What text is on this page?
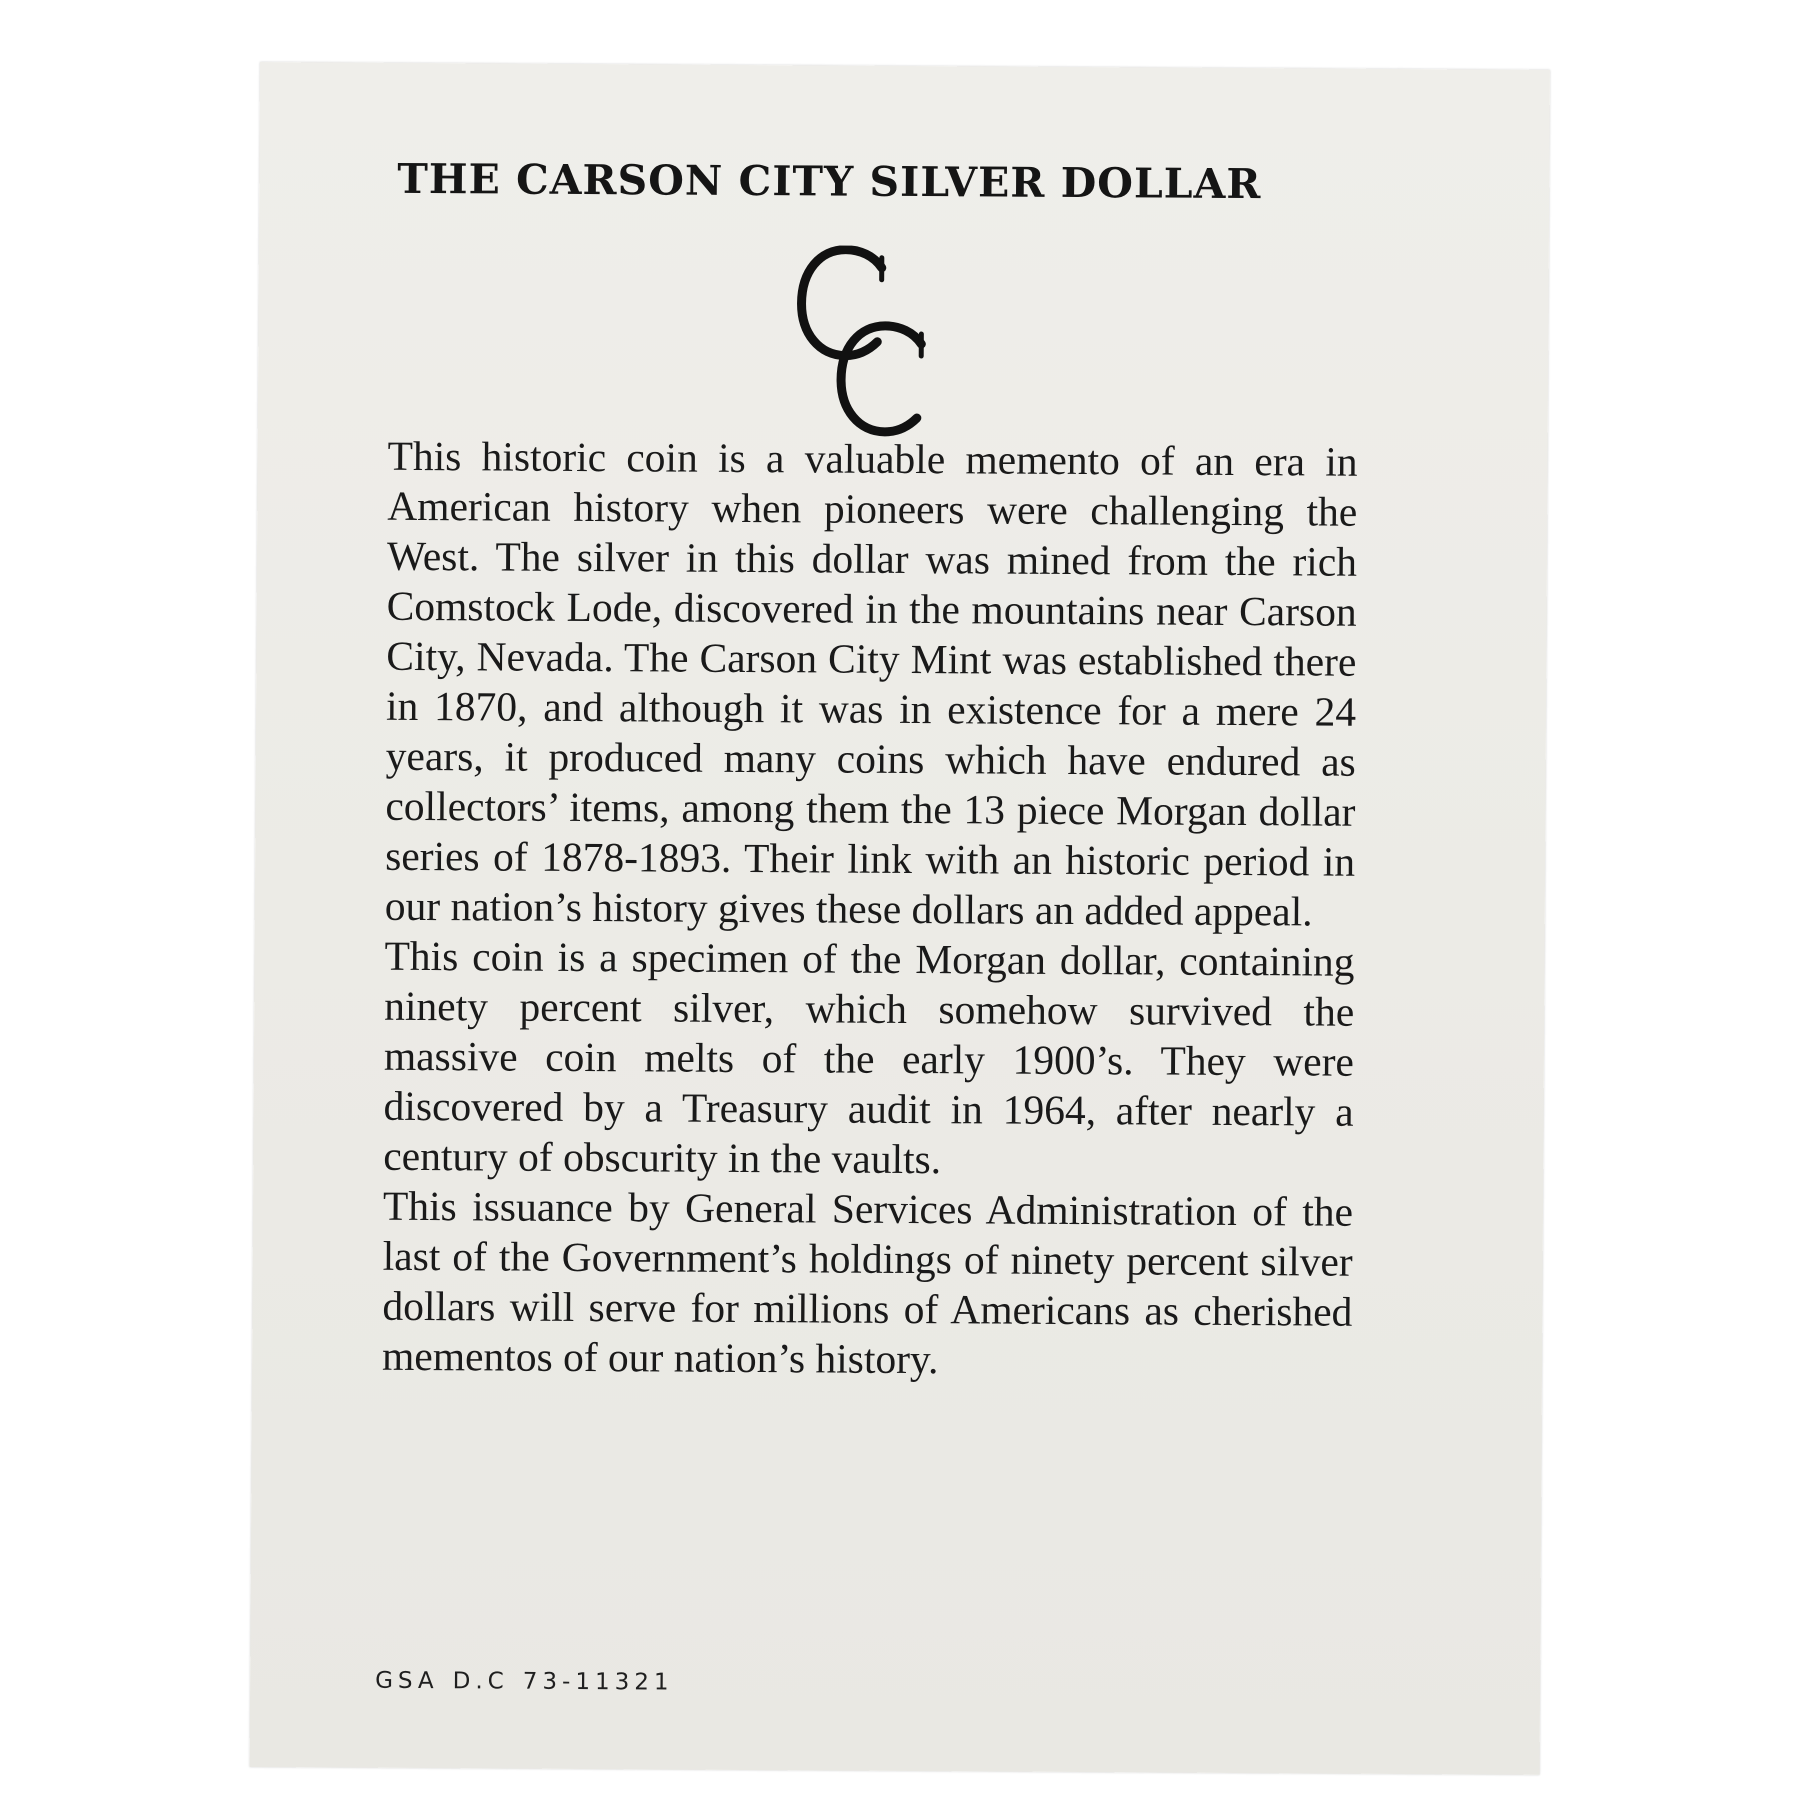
THE CARSON CITY SILVER DOLLAR

This historic coin is a valuable memento of an era in American history when pioneers were challenging the West. The silver in this dollar was mined from the rich Comstock Lode, discovered in the mountains near Carson City, Nevada. The Carson City Mint was established there in 1870, and although it was in existence for a mere 24 years, it produced many coins which have endured as collectors’ items, among them the 13 piece Morgan dollar series of 1878-1893. Their link with an historic period in our nation’s history gives these dollars an added appeal.

This coin is a specimen of the Morgan dollar, containing ninety percent silver, which somehow survived the massive coin melts of the early 1900’s. They were discovered by a Treasury audit in 1964, after nearly a century of obscurity in the vaults.

This issuance by General Services Administration of the last of the Government’s holdings of ninety percent silver dollars will serve for millions of Americans as cherished mementos of our nation’s history.

GSA D.C 73-11321
